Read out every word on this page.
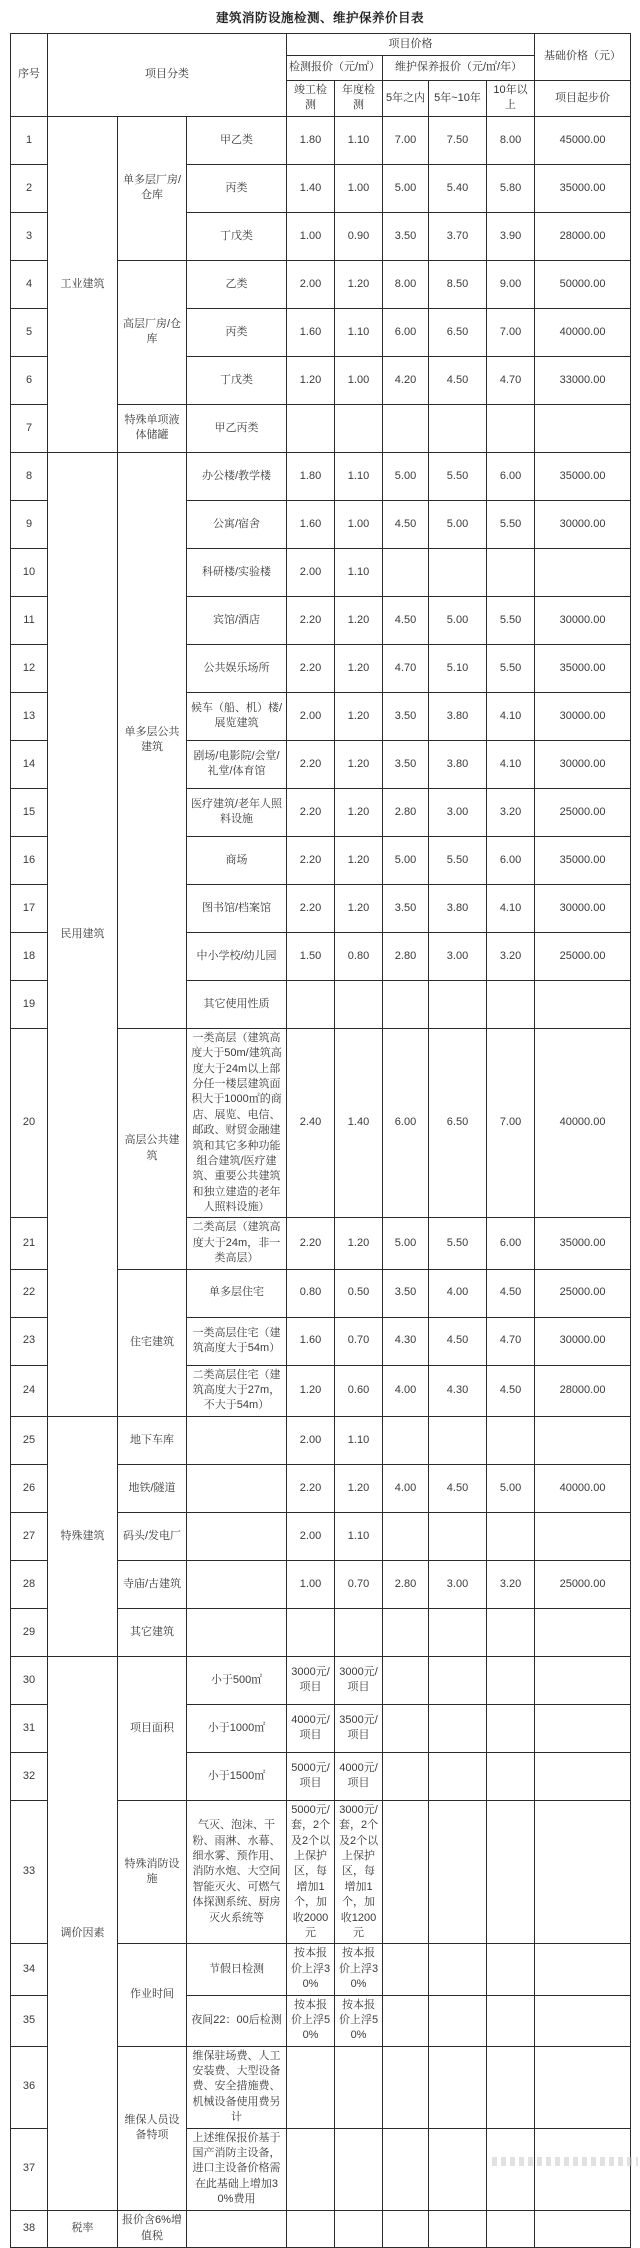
建筑消防设施检测、维护保养价目表
序号	项目分类			项目价格					基础价格（元）
				检测报价（元/㎡）		维护保养报价（元/㎡/年）			
				竣工检测	年度检测	5年之内	5年~10年	10年以上	项目起步价
1	工业建筑	单多层厂房/仓库	甲乙类	1.80	1.10	7.00	7.50	8.00	45000.00
2			丙类	1.40	1.00	5.00	5.40	5.80	35000.00
3			丁戊类	1.00	0.90	3.50	3.70	3.90	28000.00
4		高层厂房/仓库	乙类	2.00	1.20	8.00	8.50	9.00	50000.00
5			丙类	1.60	1.10	6.00	6.50	7.00	40000.00
6			丁戊类	1.20	1.00	4.20	4.50	4.70	33000.00
7		特殊单项液体储罐	甲乙丙类						
8	民用建筑	单多层公共建筑	办公楼/教学楼	1.80	1.10	5.00	5.50	6.00	35000.00
9			公寓/宿舍	1.60	1.00	4.50	5.00	5.50	30000.00
10			科研楼/实验楼	2.00	1.10				
11			宾馆/酒店	2.20	1.20	4.50	5.00	5.50	30000.00
12			公共娱乐场所	2.20	1.20	4.70	5.10	5.50	35000.00
13			候车（船、机）楼/展览建筑	2.00	1.20	3.50	3.80	4.10	30000.00
14			剧场/电影院/会堂/礼堂/体育馆	2.20	1.20	3.50	3.80	4.10	30000.00
15			医疗建筑/老年人照料设施	2.20	1.20	2.80	3.00	3.20	25000.00
16			商场	2.20	1.20	5.00	5.50	6.00	35000.00
17			图书馆/档案馆	2.20	1.20	3.50	3.80	4.10	30000.00
18			中小学校/幼儿园	1.50	0.80	2.80	3.00	3.20	25000.00
19			其它使用性质						
20		高层公共建筑	一类高层（建筑高度大于50m/建筑高度大于24m以上部分任一楼层建筑面积大于1000㎡的商店、展览、电信、邮政、财贸金融建筑和其它多种功能组合建筑/医疗建筑、重要公共建筑和独立建造的老年人照料设施）	2.40	1.40	6.00	6.50	7.00	40000.00
21			二类高层（建筑高度大于24m，非一类高层）	2.20	1.20	5.00	5.50	6.00	35000.00
22		住宅建筑	单多层住宅	0.80	0.50	3.50	4.00	4.50	25000.00
23			一类高层住宅（建筑高度大于54m）	1.60	0.70	4.30	4.50	4.70	30000.00
24			二类高层住宅（建筑高度大于27m，不大于54m）	1.20	0.60	4.00	4.30	4.50	28000.00
25	特殊建筑	地下车库		2.00	1.10				
26		地铁/隧道		2.20	1.20	4.00	4.50	5.00	40000.00
27		码头/发电厂		2.00	1.10				
28		寺庙/古建筑		1.00	0.70	2.80	3.00	3.20	25000.00
29		其它建筑							
30	调价因素	项目面积	小于500㎡	3000元/项目	3000元/项目				
31			小于1000㎡	4000元/项目	3500元/项目				
32			小于1500㎡	5000元/项目	4000元/项目				
33		特殊消防设施	气灭、泡沫、干粉、雨淋、水幕、细水雾、预作用、消防水炮、大空间智能灭火、可燃气体探测系统、厨房灭火系统等	5000元/套，2个及2个以上保护区，每增加1个，加收2000元	3000元/套，2个及2个以上保护区，每增加1个，加收1200元				
34		作业时间	节假日检测	按本报价上浮30%	按本报价上浮30%				
35			夜间22：00后检测	按本报价上浮50%	按本报价上浮50%				
36		维保人员设备特项	维保驻场费、人工安装费、大型设备费、安全措施费、机械设备使用费另计						
37			上述维保报价基于国产消防主设备，进口主设备价格需在此基础上增加30%费用						
38	税率	报价含6%增值税							
